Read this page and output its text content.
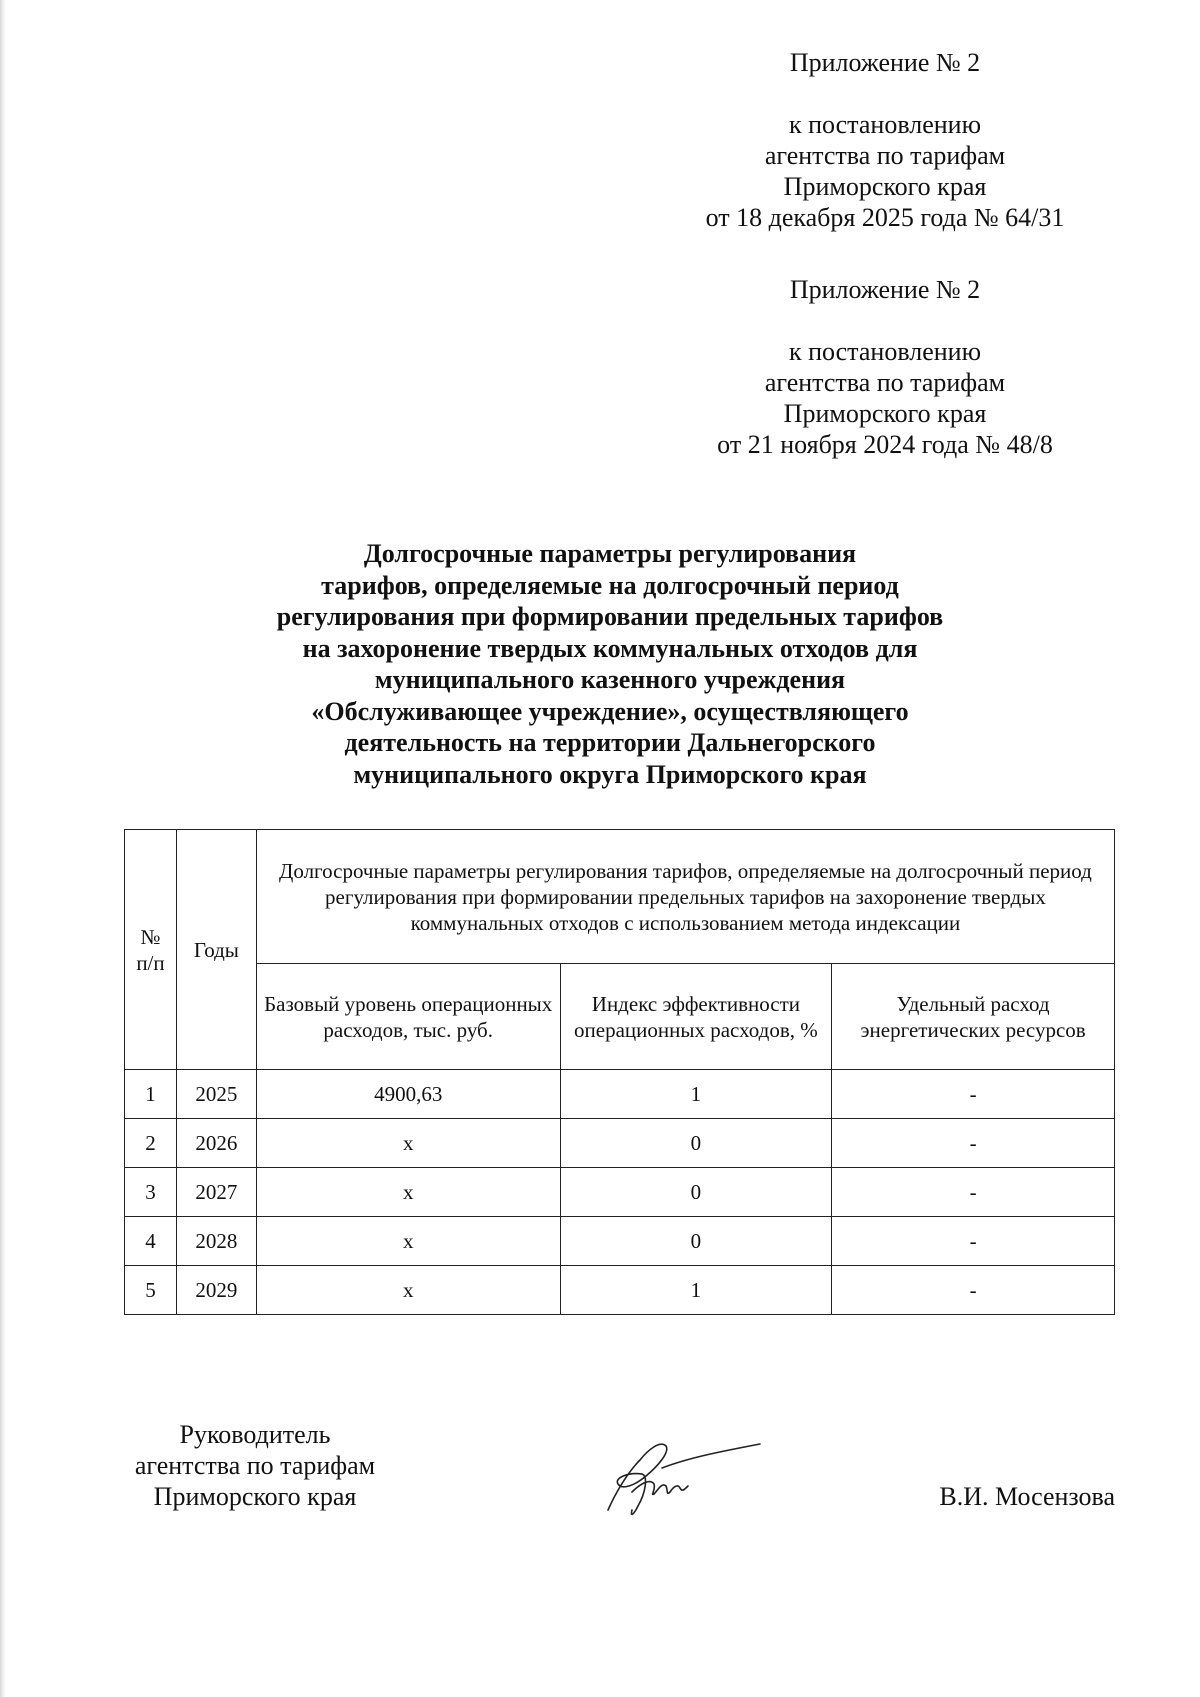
Приложение № 2
к постановлению
агентства по тарифам
Приморского края
от 18 декабря 2025 года № 64/31
Приложение № 2
к постановлению
агентства по тарифам
Приморского края
от 21 ноября 2024 года № 48/8
Долгосрочные параметры регулирования
тарифов, определяемые на долгосрочный период
регулирования при формировании предельных тарифов
на захоронение твердых коммунальных отходов для
муниципального казенного учреждения
«Обслуживающее учреждение», осуществляющего
деятельность на территории Дальнегорского
муниципального округа Приморского края
№ п/п	Годы	Долгосрочные параметры регулирования тарифов, определяемые на долгосрочный период регулирования при формировании предельных тарифов на захоронение твердых коммунальных отходов с использованием метода индексации		
		Базовый уровень операционных расходов, тыс. руб.	Индекс эффективности операционных расходов, %	Удельный расход энергетических ресурсов
1	2025	4900,63	1	-
2	2026	х	0	-
3	2027	х	0	-
4	2028	х	0	-
5	2029	х	1	-
Руководитель
агентства по тарифам
Приморского края	В.И. Мосензова
